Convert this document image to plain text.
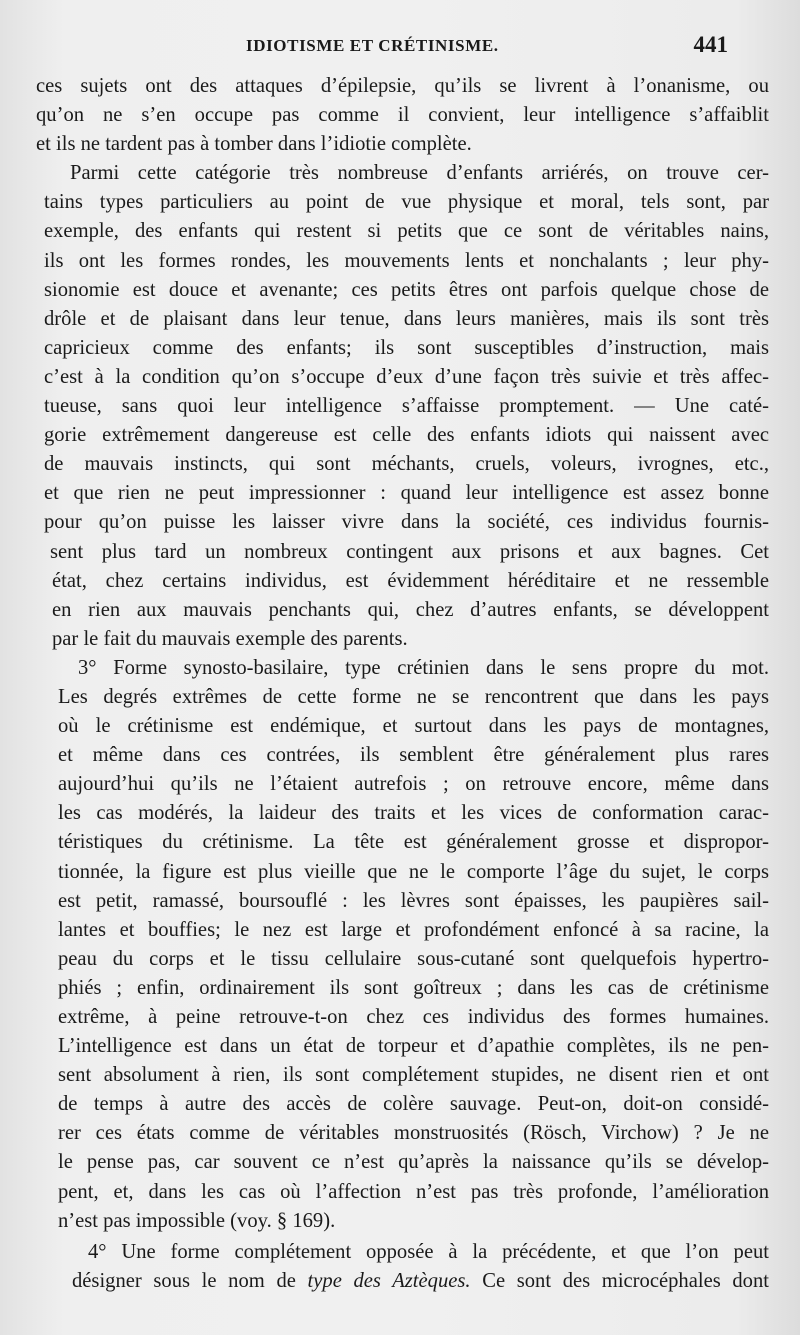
IDIOTISME ET CRÉTINISME.	441
ces sujets ont des attaques d’épilepsie, qu’ils se livrent à l’onanisme, ou
qu’on ne s’en occupe pas comme il convient, leur intelligence s’affaiblit
et ils ne tardent pas à tomber dans l’idiotie complète.
Parmi cette catégorie très nombreuse d’enfants arriérés, on trouve cer-
tains types particuliers au point de vue physique et moral, tels sont, par
exemple, des enfants qui restent si petits que ce sont de véritables nains,
ils ont les formes rondes, les mouvements lents et nonchalants ; leur phy-
sionomie est douce et avenante; ces petits êtres ont parfois quelque chose de
drôle et de plaisant dans leur tenue, dans leurs manières, mais ils sont très
capricieux comme des enfants; ils sont susceptibles d’instruction, mais
c’est à la condition qu’on s’occupe d’eux d’une façon très suivie et très affec-
tueuse, sans quoi leur intelligence s’affaisse promptement. — Une caté-
gorie extrêmement dangereuse est celle des enfants idiots qui naissent avec
de mauvais instincts, qui sont méchants, cruels, voleurs, ivrognes, etc.,
et que rien ne peut impressionner : quand leur intelligence est assez bonne
pour qu’on puisse les laisser vivre dans la société, ces individus fournis-
sent plus tard un nombreux contingent aux prisons et aux bagnes. Cet
état, chez certains individus, est évidemment héréditaire et ne ressemble
en rien aux mauvais penchants qui, chez d’autres enfants, se développent
par le fait du mauvais exemple des parents.
3° Forme synosto-basilaire, type crétinien dans le sens propre du mot.
Les degrés extrêmes de cette forme ne se rencontrent que dans les pays
où le crétinisme est endémique, et surtout dans les pays de montagnes,
et même dans ces contrées, ils semblent être généralement plus rares
aujourd’hui qu’ils ne l’étaient autrefois ; on retrouve encore, même dans
les cas modérés, la laideur des traits et les vices de conformation carac-
téristiques du crétinisme. La tête est généralement grosse et dispropor-
tionnée, la figure est plus vieille que ne le comporte l’âge du sujet, le corps
est petit, ramassé, boursouflé : les lèvres sont épaisses, les paupières sail-
lantes et bouffies; le nez est large et profondément enfoncé à sa racine, la
peau du corps et le tissu cellulaire sous-cutané sont quelquefois hypertro-
phiés ; enfin, ordinairement ils sont goîtreux ; dans les cas de crétinisme
extrême, à peine retrouve-t-on chez ces individus des formes humaines.
L’intelligence est dans un état de torpeur et d’apathie complètes, ils ne pen-
sent absolument à rien, ils sont complétement stupides, ne disent rien et ont
de temps à autre des accès de colère sauvage. Peut-on, doit-on considé-
rer ces états comme de véritables monstruosités (Rösch, Virchow) ? Je ne
le pense pas, car souvent ce n’est qu’après la naissance qu’ils se dévelop-
pent, et, dans les cas où l’affection n’est pas très profonde, l’amélioration
n’est pas impossible (voy. § 169).
4° Une forme complétement opposée à la précédente, et que l’on peut
désigner sous le nom de type des Aztèques. Ce sont des microcéphales dont
